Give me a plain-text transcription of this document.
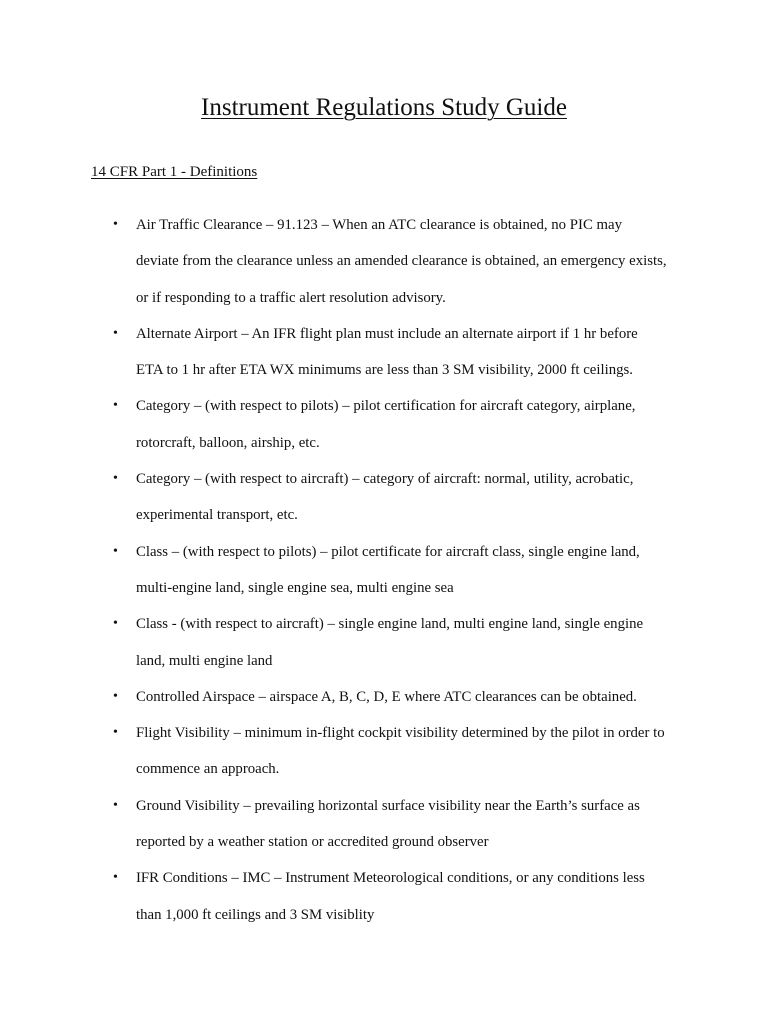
Instrument Regulations Study Guide
14 CFR Part 1 - Definitions
• Air Traffic Clearance – 91.123 – When an ATC clearance is obtained, no PIC may
deviate from the clearance unless an amended clearance is obtained, an emergency exists,
or if responding to a traffic alert resolution advisory.
• Alternate Airport – An IFR flight plan must include an alternate airport if 1 hr before
ETA to 1 hr after ETA WX minimums are less than 3 SM visibility, 2000 ft ceilings.
• Category – (with respect to pilots) – pilot certification for aircraft category, airplane,
rotorcraft, balloon, airship, etc.
• Category – (with respect to aircraft) – category of aircraft: normal, utility, acrobatic,
experimental transport, etc.
• Class – (with respect to pilots) – pilot certificate for aircraft class, single engine land,
multi-engine land, single engine sea, multi engine sea
• Class - (with respect to aircraft) – single engine land, multi engine land, single engine
land, multi engine land
• Controlled Airspace – airspace A, B, C, D, E where ATC clearances can be obtained.
• Flight Visibility – minimum in-flight cockpit visibility determined by the pilot in order to
commence an approach.
• Ground Visibility – prevailing horizontal surface visibility near the Earth’s surface as
reported by a weather station or accredited ground observer
• IFR Conditions – IMC – Instrument Meteorological conditions, or any conditions less
than 1,000 ft ceilings and 3 SM visiblity
